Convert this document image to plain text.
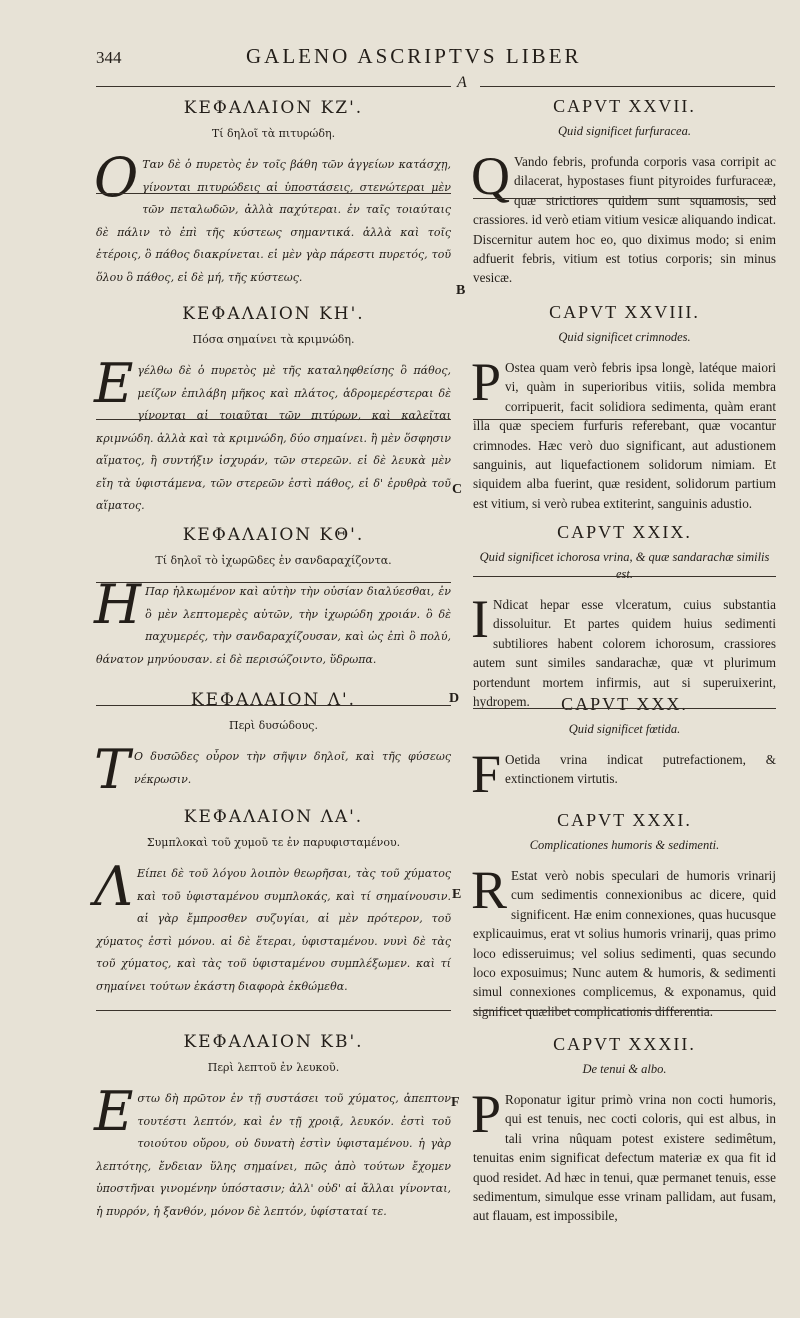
344	GALENO ASCRIPTVS LIBER
A
B
C
D
E
F
ΚΕΦΑΛΑΙΟΝ ΚΖ'.
Τί δηλοῖ τὰ πιτυρώδη.
Ο Ταν δὲ ὁ πυρετὸς ἐν τοῖς βάθη τῶν ἀγγείων κατάσχῃ, γίνονται πιτυρώδεις αἱ ὑποστάσεις, στενώτεραι μὲν τῶν πεταλωδῶν, ἀλλὰ παχύτεραι. ἐν ταῖς τοιαύταις δὲ πάλιν τὸ ἐπὶ τῆς κύστεως σημαντικά. ἀλλὰ καὶ τοῖς ἑτέροις, ὃ πάθος διακρίνεται. εἰ μὲν γὰρ πάρεστι πυρετός, τοῦ ὅλου ὃ πάθος, εἰ δὲ μή, τῆς κύστεως.
ΚΕΦΑΛΑΙΟΝ ΚΗ'.
Πόσα σημαίνει τὰ κριμνώδη.
Εγέλθω δὲ ὁ πυρετὸς μὲ τῆς καταληφθείσης ὃ πάθος, μείζων ἐπιλάβη μῆκος καὶ πλάτος, ἁδρομερέστεραι δὲ γίνονται αἱ τοιαῦται τῶν πιτύρων, καὶ καλεῖται κριμνώδη. ἀλλὰ καὶ τὰ κριμνώδη, δύο σημαίνει. ἢ μὲν ὅσφησιν αἵματος, ἢ συντήξιν ἰσχυράν, τῶν στερεῶν. εἰ δὲ λευκὰ μὲν εἴη τὰ ὑφιστάμενα, τῶν στερεῶν ἐστὶ πάθος, εἰ δ' ἐρυθρὰ τοῦ αἵματος.
ΚΕΦΑΛΑΙΟΝ ΚΘ'.
Τί δηλοῖ τὸ ἰχωρῶδες ἐν σανδαραχίζοντα.
Η Παρ ἡλκωμένον καὶ αὐτὴν τὴν οὐσίαν διαλύεσθαι, ἐν ὃ μὲν λεπτομερὲς αὐτῶν, τὴν ἰχωρώδη χροιάν. ὃ δὲ παχυμερές, τὴν σανδαραχίζουσαν, καὶ ὡς ἐπὶ ὃ πολύ, θάνατον μηνύουσαν. εἰ δὲ περισώζοιντο, ὕδρωπα.
ΚΕΦΑΛΑΙΟΝ Λ'.
Περὶ δυσώδους.
Τ Ο δυσῶδες οὖρον τὴν σῆψιν δηλοῖ, καὶ τῆς φύσεως νέκρωσιν.
ΚΕΦΑΛΑΙΟΝ ΛΑ'.
Συμπλοκαὶ τοῦ χυμοῦ τε ἐν παρυφισταμένου.
Λ Είπει δὲ τοῦ λόγου λοιπὸν θεωρῆσαι, τὰς τοῦ χύματος καὶ τοῦ ὑφισταμένου συμπλοκάς, καὶ τί σημαίνουσιν. αἱ γὰρ ἔμπροσθεν συζυγίαι, αἱ μὲν πρότερον, τοῦ χύματος ἐστὶ μόνου. αἱ δὲ ἕτεραι, ὑφισταμένου. νυνὶ δὲ τὰς τοῦ χύματος, καὶ τὰς τοῦ ὑφισταμένου συμπλέξωμεν. καὶ τί σημαίνει τούτων ἑκάστη διαφορὰ ἐκθώμεθα.
ΚΕΦΑΛΑΙΟΝ ΚΒ'.
Περὶ λεπτοῦ ἐν λευκοῦ.
Εστω δὴ πρῶτον ἐν τῇ συστάσει τοῦ χύματος, ἀπεπτον τουτέστι λεπτόν, καὶ ἐν τῇ χροιᾷ, λευκόν. ἐστὶ τοῦ τοιούτου οὔρου, οὐ δυνατὴ ἐστὶν ὑφισταμένου. ἡ γὰρ λεπτότης, ἔνδειαν ὕλης σημαίνει, πῶς ἀπὸ τούτων ἔχομεν ὑποστῆναι γινομένην ὑπόστασιν; ἀλλ' οὐδ' αἱ ἄλλαι γίνονται, ἡ πυρρόν, ἡ ξανθόν, μόνον δὲ λεπτόν, ὑφίσταταί τε.
CAPVT XXVII.
Quid significet furfuracea.
Q Vando febris, profunda corporis vasa corripit ac dilacerat, hypostases fiunt pityroides furfuraceæ, quæ strictiores quidem sunt squamosis, sed crassiores. id verò etiam vitium vesicæ aliquando indicat. Discernitur autem hoc eo, quo diximus modo; si enim adfuerit febris, vitium est totius corporis; sin minus vesicæ.
CAPVT XXVIII.
Quid significet crimnodes.
P Ostea quam verò febris ipsa longè, latéque maiori vi, quàm in superioribus vitiis, solida membra corripuerit, facit solidiora sedimenta, quàm erant illa quæ speciem furfuris referebant, quæ vocantur crimnodes. Hæc verò duo significant, aut adustionem sanguinis, aut liquefactionem solidorum nimiam. Et siquidem alba fuerint, quæ resident, solidorum partium est vitium, si verò rubea extiterint, sanguinis adustio.
CAPVT XXIX.
Quid significet ichorosa vrina, & quæ sandarachæ similis est.
I Ndicat hepar esse vlceratum, cuius substantia dissoluitur. Et partes quidem huius sedimenti subtiliores habent colorem ichorosum, crassiores autem sunt similes sandarachæ, quæ vt plurimum portendunt mortem infirmis, aut si superuixerint, hydropem.	CAPVT XXX.
Quid significet fœtida.
F Oetida vrina indicat putrefactionem, & extinctionem virtutis.
CAPVT XXXI.
Complicationes humoris & sedimenti.
R Estat verò nobis speculari de humoris vrinarij cum sedimentis connexionibus ac dicere, quid significent. Hæ enim connexiones, quas hucusque explicauimus, erat vt solius humoris vrinarij, quas primo loco edisseruimus; vel solius sedimenti, quas secundo loco exposuimus; Nunc autem & humoris, & sedimenti simul connexiones complicemus, & exponamus, quid significet quælibet complicationis differentia.
CAPVT XXXII.
De tenui & albo.
P Roponatur igitur primò vrina non cocti humoris, qui est tenuis, nec cocti coloris, qui est albus, in tali vrina nûquam potest existere sedimêtum, tenuitas enim significat defectum materiæ ex qua fit id quod residet. Ad hæc in tenui, quæ permanet tenuis, esse sedimentum, simulque esse vrinam pallidam, aut fusam, aut flauam, est impossibile,
